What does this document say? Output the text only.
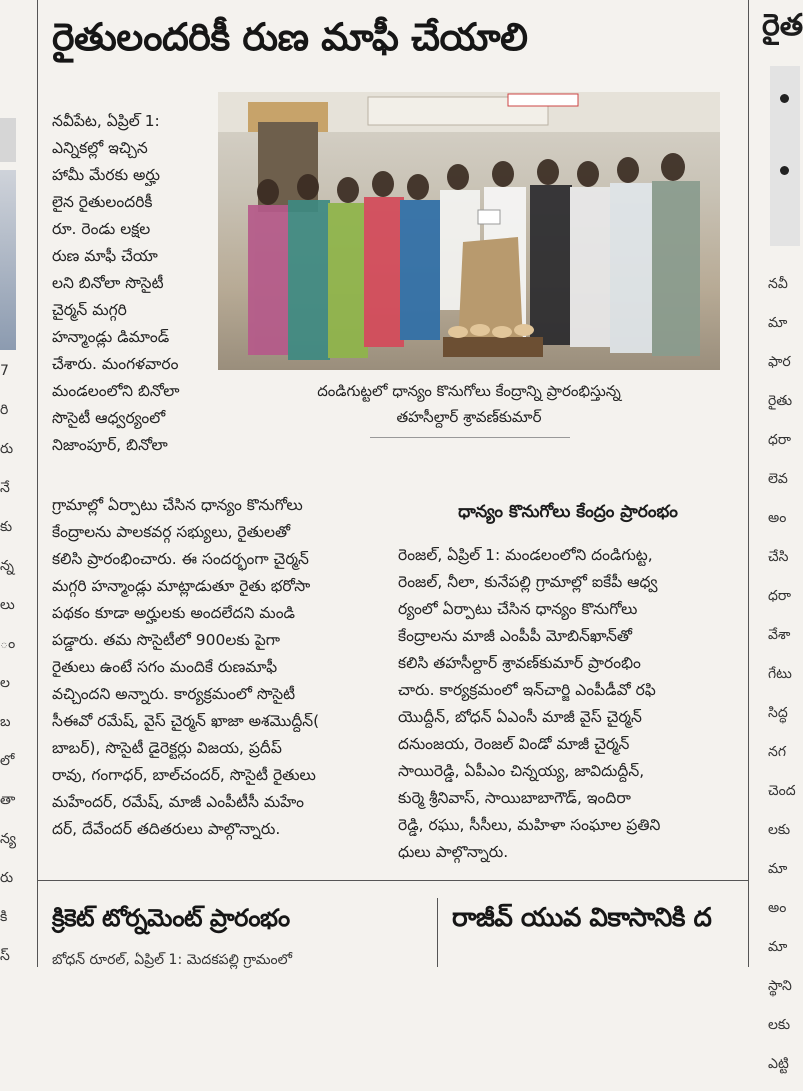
7

రి

రు

నే

కు

న్న

లు

ం

ల

బ

లో

తా

న్య

రు

కి

స్

రైతులందరికీ రుణ మాఫీ చేయాలి

నవీపేట, ఏప్రిల్ 1:

ఎన్నికల్లో ఇచ్చిన

హామీ మేరకు అర్హు

లైన రైతులందరికీ

రూ. రెండు లక్షల

రుణ మాఫీ చేయా

లని బినోలా సొసైటీ

చైర్మన్ మగ్గరి

హన్మాండ్లు డిమాండ్

చేశారు. మంగళవారం

మండలంలోని బినోలా

సొసైటీ ఆధ్వర్యంలో

నిజాంపూర్, బినోలా

గ్రామాల్లో ఏర్పాటు చేసిన ధాన్యం కొనుగోలు

కేంద్రాలను పాలకవర్గ సభ్యులు, రైతులతో

కలిసి ప్రారంభించారు. ఈ సందర్భంగా చైర్మన్

మగ్గరి హన్మాండ్లు మాట్లాడుతూ రైతు భరోసా

పథకం కూడా అర్హులకు అందలేదని మండి

పడ్డారు. తమ సొసైటీలో 900లకు పైగా

రైతులు ఉంటే సగం మందికే రుణమాఫీ

వచ్చిందని అన్నారు. కార్యక్రమంలో సొసైటీ

సీఈవో రమేష్, వైస్ చైర్మన్ ఖాజా అశమొద్దీన్(

బాబర్), సొసైటీ డైరెక్టర్లు విజయ, ప్రదీప్

రావు, గంగాధర్, బాల్‌చందర్, సొసైటీ రైతులు

మహేందర్, రమేష్, మాజీ ఎంపీటీసీ మహేం

దర్, దేవేందర్ తదితరులు పాల్గొన్నారు.

దండిగుట్టలో ధాన్యం కొనుగోలు కేంద్రాన్ని ప్రారంభిస్తున్న
తహసీల్దార్ శ్రావణ్‌కుమార్
ధాన్యం కొనుగోలు కేంద్రం ప్రారంభం

రెంజల్, ఏప్రిల్ 1: మండలంలోని దండిగుట్ట,

రెంజల్, నీలా, కునేపల్లి గ్రామాల్లో ఐకేపీ ఆధ్వ

ర్యంలో ఏర్పాటు చేసిన ధాన్యం కొనుగోలు

కేంద్రాలను మాజీ ఎంపీపీ మోబిన్‌ఖాన్‌తో

కలిసి తహసీల్దార్ శ్రావణ్‌కుమార్ ప్రారంభిం

చారు. కార్యక్రమంలో ఇన్‌చార్జి ఎంపీడీవో రఫి

యొద్దీన్, బోధన్ ఏఎంసీ మాజీ వైస్ చైర్మన్

దనుంజయ, రెంజల్ విండో మాజీ చైర్మన్

సాయిరెడ్డి, ఏపీఎం చిన్నయ్య, జావిదుద్దీన్,

కుర్మె శ్రీనివాస్, సాయిబాబాగౌడ్, ఇందిరా

రెడ్డి, రఘు, సీసీలు, మహిళా సంఘాల ప్రతిని

ధులు పాల్గొన్నారు.

క్రికెట్ టోర్నమెంట్ ప్రారంభం
బోధన్ రూరల్, ఏప్రిల్ 1: మెదకపల్లి గ్రామంలో
రాజీవ్ యువ వికాసానికి ద
రైత

నవీ

మా

ఫార

రైతు

ధరా

లెవ

అం

చేసి

ధరా

వేశా

గేటు

సిద్ధ

నగ

చెంద

లకు

మా

అం

మా

స్థాని

లకు

ఎట్టి
